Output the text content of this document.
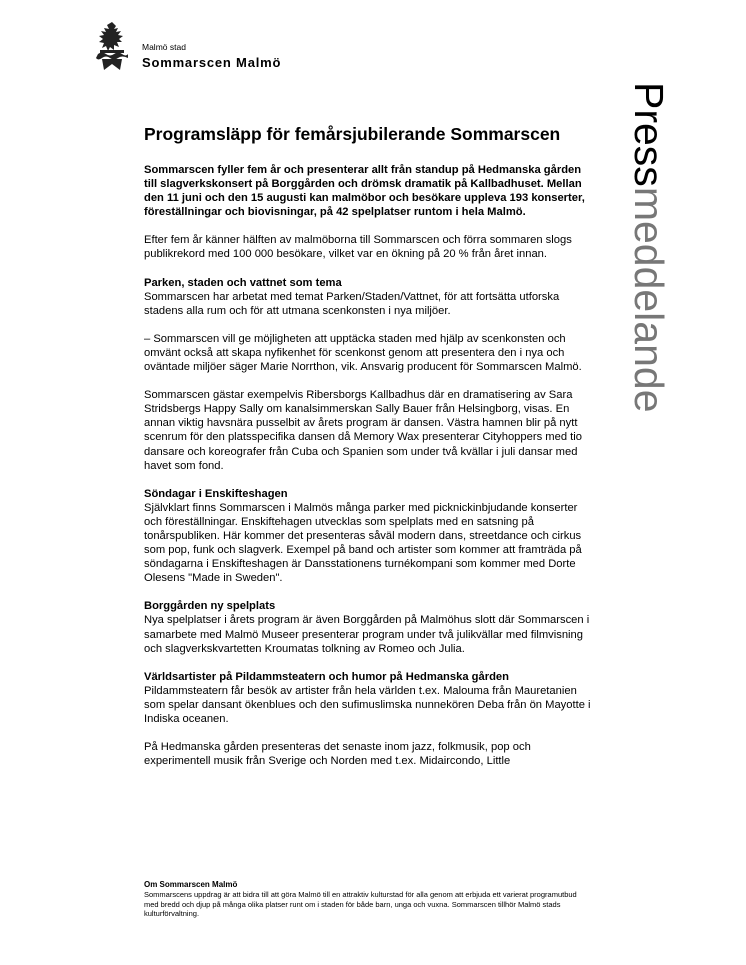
Malmö stad
Sommarscen Malmö
Pressmeddelande
Programsläpp för femårsjubilerande Sommarscen

Sommarscen fyller fem år och presenterar allt från standup på Hedmanska gården till slagverkskonsert på Borggården och drömsk dramatik på Kallbadhuset. Mellan den 11 juni och den 15 augusti kan malmöbor och besökare uppleva 193 konserter, föreställningar och biovisningar, på 42 spelplatser runtom i hela Malmö.

Efter fem år känner hälften av malmöborna till Sommarscen och förra sommaren slogs publikrekord med 100 000 besökare, vilket var en ökning på 20 % från året innan.

Parken, staden och vattnet som tema

Sommarscen har arbetat med temat Parken/Staden/Vattnet, för att fortsätta utforska stadens alla rum och för att utmana scenkonsten i nya miljöer.

– Sommarscen vill ge möjligheten att upptäcka staden med hjälp av scenkonsten och omvänt också att skapa nyfikenhet för scenkonst genom att presentera den i nya och oväntade miljöer säger Marie Norrthon, vik. Ansvarig producent för Sommarscen Malmö.

Sommarscen gästar exempelvis Ribersborgs Kallbadhus där en dramatisering av Sara Stridsbergs Happy Sally om kanalsimmerskan Sally Bauer från Helsingborg, visas. En annan viktig havsnära pusselbit av årets program är dansen. Västra hamnen blir på nytt scenrum för den platsspecifika dansen då Memory Wax presenterar Cityhoppers med tio dansare och koreografer från Cuba och Spanien som under två kvällar i juli dansar med havet som fond.

Söndagar i Enskifteshagen

Självklart finns Sommarscen i Malmös många parker med picknickinbjudande konserter och föreställningar. Enskiftehagen utvecklas som spelplats med en satsning på tonårspubliken. Här kommer det presenteras såväl modern dans, streetdance och cirkus som pop, funk och slagverk. Exempel på band och artister som kommer att framträda på söndagarna i Enskifteshagen är Dansstationens turnékompani som kommer med Dorte Olesens "Made in Sweden".

Borggården ny spelplats

Nya spelplatser i årets program är även Borggården på Malmöhus slott där Sommarscen i samarbete med Malmö Museer presenterar program under två julikvällar med filmvisning och slagverkskvartetten Kroumatas tolkning av Romeo och Julia.

Världsartister på Pildammsteatern och humor på Hedmanska gården

Pildammsteatern får besök av artister från hela världen t.ex. Malouma från Mauretanien som spelar dansant ökenblues och den sufimuslimska nunnekören Deba från ön Mayotte i Indiska oceanen.

På Hedmanska gården presenteras det senaste inom jazz, folkmusik, pop och experimentell musik från Sverige och Norden med t.ex. Midaircondo, Little

Om Sommarscen Malmö

Sommarscens uppdrag är att bidra till att göra Malmö till en attraktiv kulturstad för alla genom att erbjuda ett varierat programutbud med bredd och djup på många olika platser runt om i staden för både barn, unga och vuxna. Sommarscen tillhör Malmö stads kulturförvaltning.
